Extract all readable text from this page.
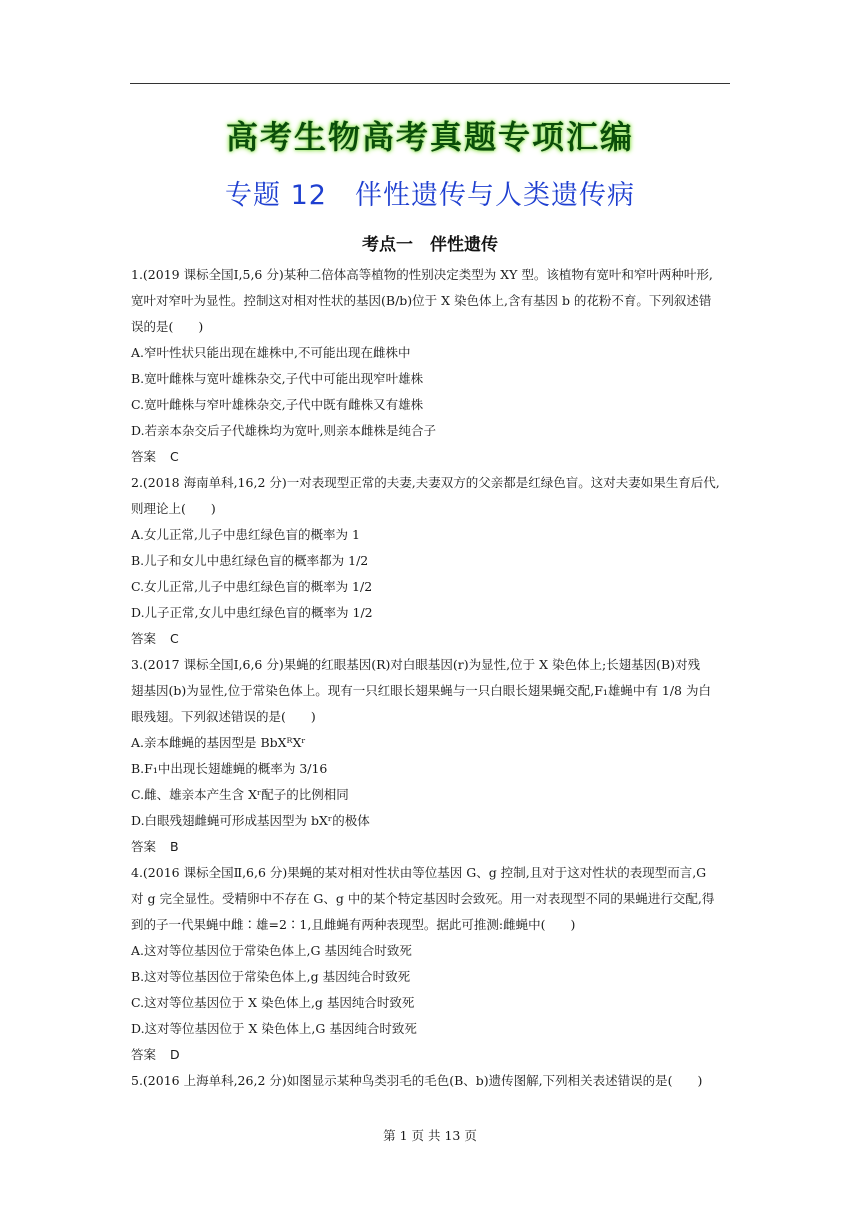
高考生物高考真题专项汇编
专题 12　伴性遗传与人类遗传病
考点一　伴性遗传
1.(2019 课标全国Ⅰ,5,6 分)某种二倍体高等植物的性别决定类型为 XY 型。该植物有宽叶和窄叶两种叶形,
宽叶对窄叶为显性。控制这对相对性状的基因(B/b)位于 X 染色体上,含有基因 b 的花粉不育。下列叙述错
误的是(　　)
A.窄叶性状只能出现在雄株中,不可能出现在雌株中
B.宽叶雌株与宽叶雄株杂交,子代中可能出现窄叶雄株
C.宽叶雌株与窄叶雄株杂交,子代中既有雌株又有雄株
D.若亲本杂交后子代雄株均为宽叶,则亲本雌株是纯合子
答案 C
2.(2018 海南单科,16,2 分)一对表现型正常的夫妻,夫妻双方的父亲都是红绿色盲。这对夫妻如果生育后代,
则理论上(　　)
A.女儿正常,儿子中患红绿色盲的概率为 1
B.儿子和女儿中患红绿色盲的概率都为 1/2
C.女儿正常,儿子中患红绿色盲的概率为 1/2
D.儿子正常,女儿中患红绿色盲的概率为 1/2
答案 C
3.(2017 课标全国Ⅰ,6,6 分)果蝇的红眼基因(R)对白眼基因(r)为显性,位于 X 染色体上;长翅基因(B)对残
翅基因(b)为显性,位于常染色体上。现有一只红眼长翅果蝇与一只白眼长翅果蝇交配,F₁雄蝇中有 1/8 为白
眼残翅。下列叙述错误的是(　　)
A.亲本雌蝇的基因型是 BbXᴿXʳ
B.F₁中出现长翅雄蝇的概率为 3/16
C.雌、雄亲本产生含 Xʳ配子的比例相同
D.白眼残翅雌蝇可形成基因型为 bXʳ的极体
答案 B
4.(2016 课标全国Ⅱ,6,6 分)果蝇的某对相对性状由等位基因 G、g 控制,且对于这对性状的表现型而言,G
对 g 完全显性。受精卵中不存在 G、g 中的某个特定基因时会致死。用一对表现型不同的果蝇进行交配,得
到的子一代果蝇中雌∶雄=2∶1,且雌蝇有两种表现型。据此可推测:雌蝇中(　　)
A.这对等位基因位于常染色体上,G 基因纯合时致死
B.这对等位基因位于常染色体上,g 基因纯合时致死
C.这对等位基因位于 X 染色体上,g 基因纯合时致死
D.这对等位基因位于 X 染色体上,G 基因纯合时致死
答案 D
5.(2016 上海单科,26,2 分)如图显示某种鸟类羽毛的毛色(B、b)遗传图解,下列相关表述错误的是(　　)
第 1 页 共 13 页
